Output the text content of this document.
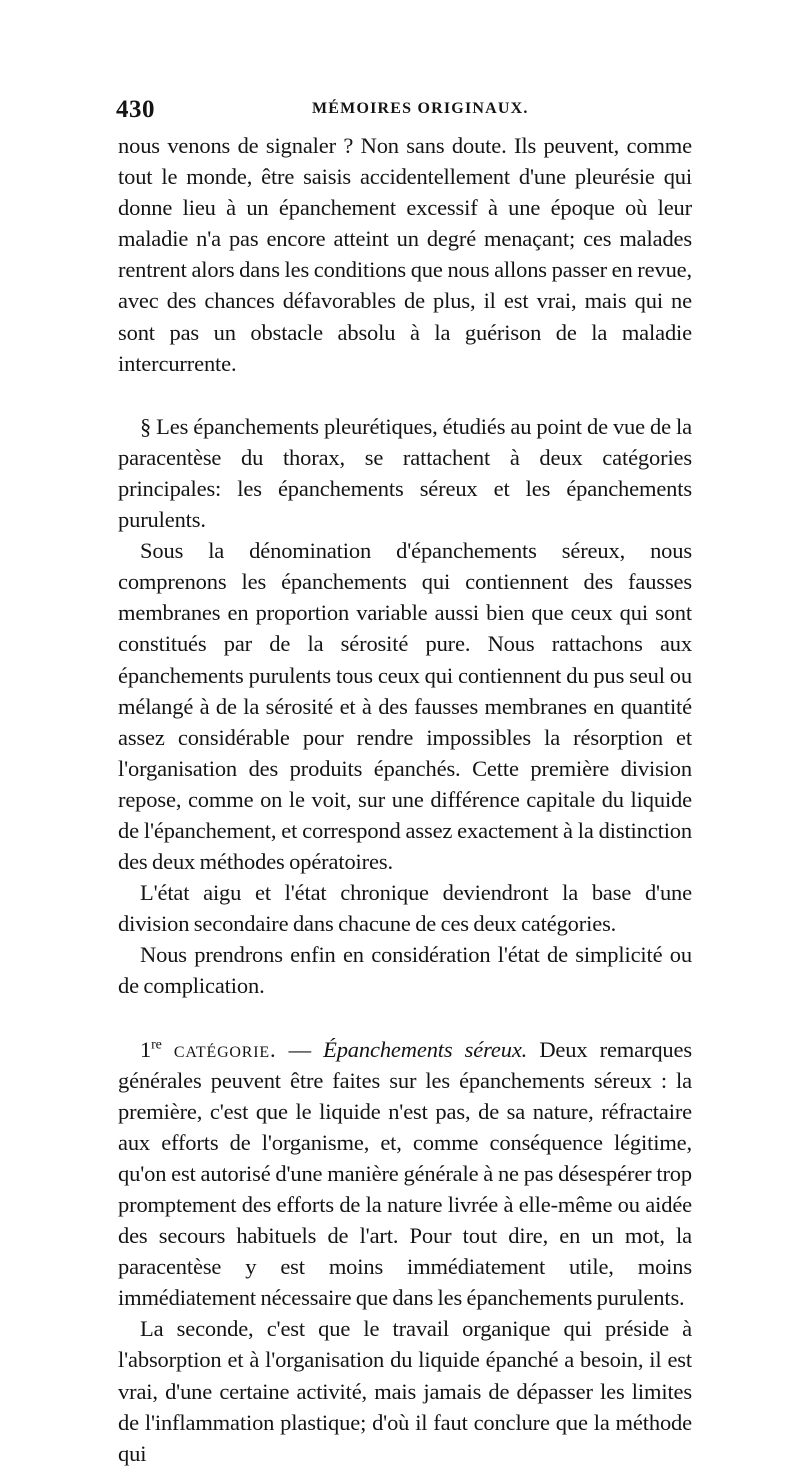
430	MÉMOIRES ORIGINAUX.

nous venons de signaler ? Non sans doute. Ils peuvent, comme tout le monde, être saisis accidentellement d'une pleurésie qui donne lieu à un épanchement excessif à une époque où leur maladie n'a pas encore atteint un degré menaçant; ces malades rentrent alors dans les conditions que nous allons passer en revue, avec des chances défavorables de plus, il est vrai, mais qui ne sont pas un obstacle absolu à la guérison de la maladie intercurrente.

§ Les épanchements pleurétiques, étudiés au point de vue de la paracentèse du thorax, se rattachent à deux catégories principales: les épanchements séreux et les épanchements purulents.

Sous la dénomination d'épanchements séreux, nous comprenons les épanchements qui contiennent des fausses membranes en proportion variable aussi bien que ceux qui sont constitués par de la sérosité pure. Nous rattachons aux épanchements purulents tous ceux qui contiennent du pus seul ou mélangé à de la sérosité et à des fausses membranes en quantité assez considérable pour rendre impossibles la résorption et l'organisation des produits épanchés. Cette première division repose, comme on le voit, sur une différence capitale du liquide de l'épanchement, et correspond assez exactement à la distinction des deux méthodes opératoires.

L'état aigu et l'état chronique deviendront la base d'une division secondaire dans chacune de ces deux catégories.

Nous prendrons enfin en considération l'état de simplicité ou de complication.

1re catégorie. — Épanchements séreux. Deux remarques générales peuvent être faites sur les épanchements séreux : la première, c'est que le liquide n'est pas, de sa nature, réfractaire aux efforts de l'organisme, et, comme conséquence légitime, qu'on est autorisé d'une manière générale à ne pas désespérer trop promptement des efforts de la nature livrée à elle-même ou aidée des secours habituels de l'art. Pour tout dire, en un mot, la paracentèse y est moins immédiatement utile, moins immédiatement nécessaire que dans les épanchements purulents.

La seconde, c'est que le travail organique qui préside à l'absorption et à l'organisation du liquide épanché a besoin, il est vrai, d'une certaine activité, mais jamais de dépasser les limites de l'inflammation plastique; d'où il faut conclure que la méthode qui
